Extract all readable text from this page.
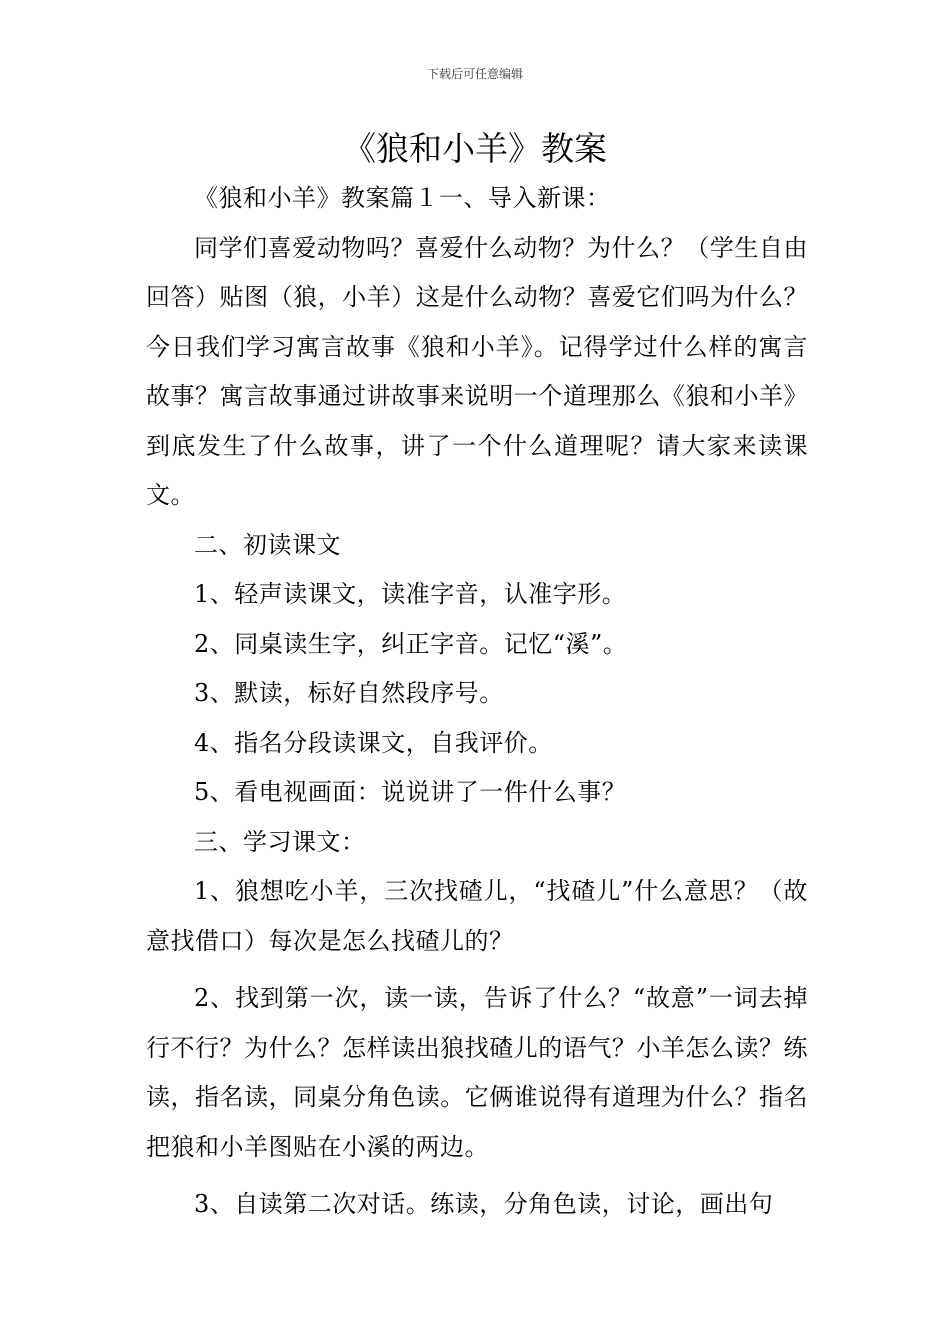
下载后可任意编辑
《狼和小羊》教案

《狼和小羊》教案篇１一、导入新课：

同学们喜爱动物吗？喜爱什么动物？为什么？（学生自由回答）贴图（狼，小羊）这是什么动物？喜爱它们吗为什么？今日我们学习寓言故事《狼和小羊》。记得学过什么样的寓言故事？寓言故事通过讲故事来说明一个道理那么《狼和小羊》到底发生了什么故事，讲了一个什么道理呢？请大家来读课文。

二、初读课文

1、轻声读课文，读准字音，认准字形。

2、同桌读生字，纠正字音。记忆“溪”。

3、默读，标好自然段序号。

4、指名分段读课文，自我评价。

5、看电视画面：说说讲了一件什么事？

三、学习课文：

1、狼想吃小羊，三次找碴儿，“找碴儿”什么意思？（故意找借口）每次是怎么找碴儿的？

2、找到第一次，读一读，告诉了什么？“故意”一词去掉行不行？为什么？怎样读出狼找碴儿的语气？小羊怎么读？练读，指名读，同桌分角色读。它俩谁说得有道理为什么？指名把狼和小羊图贴在小溪的两边。

3、自读第二次对话。练读，分角色读，讨论，画出句
